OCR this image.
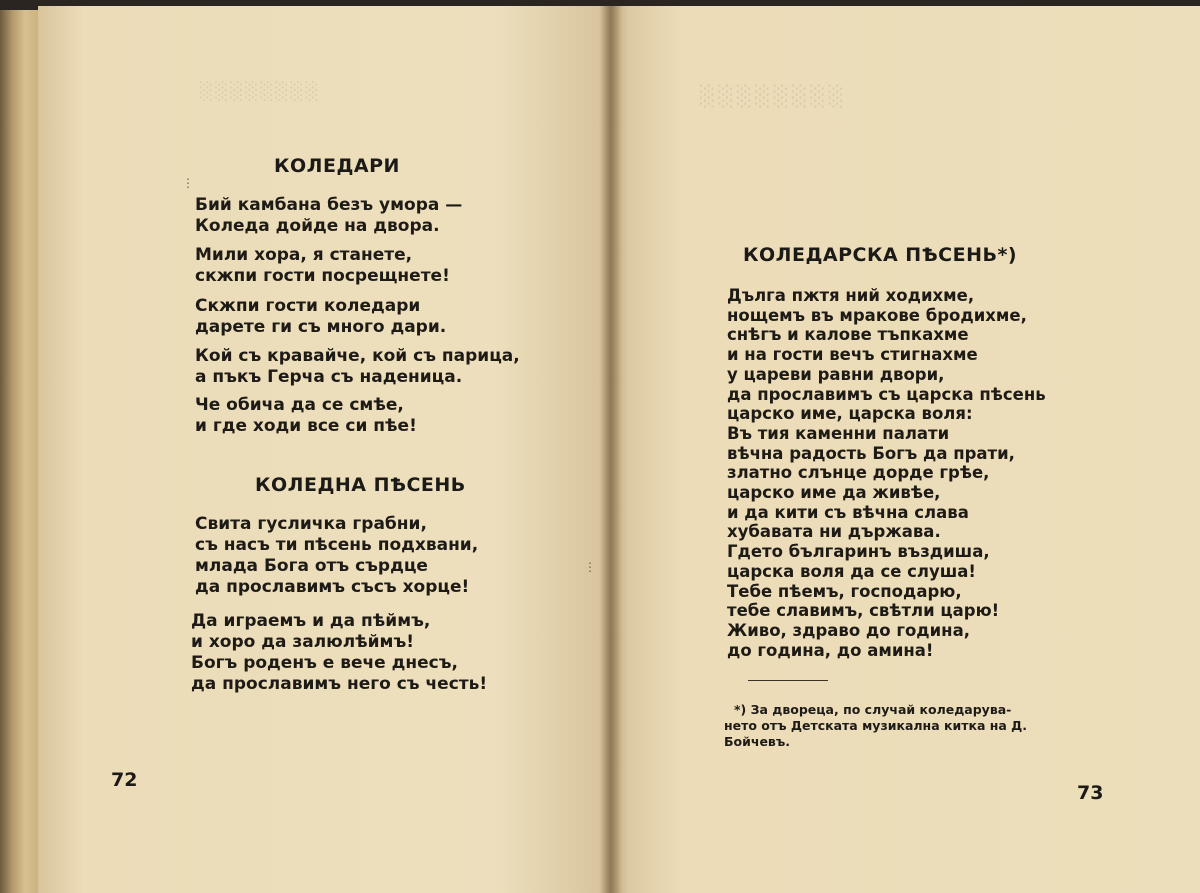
░░░░░░░░	░░░░░░░░
КОЛЕДАРИ
Бий камбана безъ умора —
Коледа дойде на двора.
Мили хора, я станете,
скжпи гости посрещнете!
Скжпи гости коледари
дарете ги съ много дари.
Кой съ кравайче, кой съ парица,
а пъкъ Герча съ наденица.
Че обича да се смѣе,
и где ходи все си пѣе!
КОЛЕДНА ПѢСЕНЬ
Свита гусличка грабни,
съ насъ ти пѣсень подхвани,
млада Бога отъ сърдце
да прославимъ съсъ хорце!
Да играемъ и да пѣймъ,
и хоро да залюлѣймъ!
Богъ роденъ е вече днесъ,
да прославимъ него съ честь!
⋮
⋮
72
КОЛЕДАРСКА ПѢСЕНЬ*)
Дълга пжтя ний ходихме,
нощемъ въ мракове бродихме,
снѣгъ и калове тъпкахме
и на гости вечъ стигнахме
у цареви равни двори,
да прославимъ съ царска пѣсень
царско име, царска воля:
Въ тия каменни палати
вѣчна радость Богъ да прати,
златно слънце дорде грѣе,
царско име да живѣе,
и да кити съ вѣчна слава
хубавата ни държава.
Гдето българинъ въздиша,
царска воля да се слуша!
Тебе пѣемъ, господарю,
тебе славимъ, свѣтли царю!
Живо, здраво до година,
до година, до амина!
*) За двореца, по случай коледарува-
нето отъ Детската музикална китка на Д.
Бойчевъ.
73
